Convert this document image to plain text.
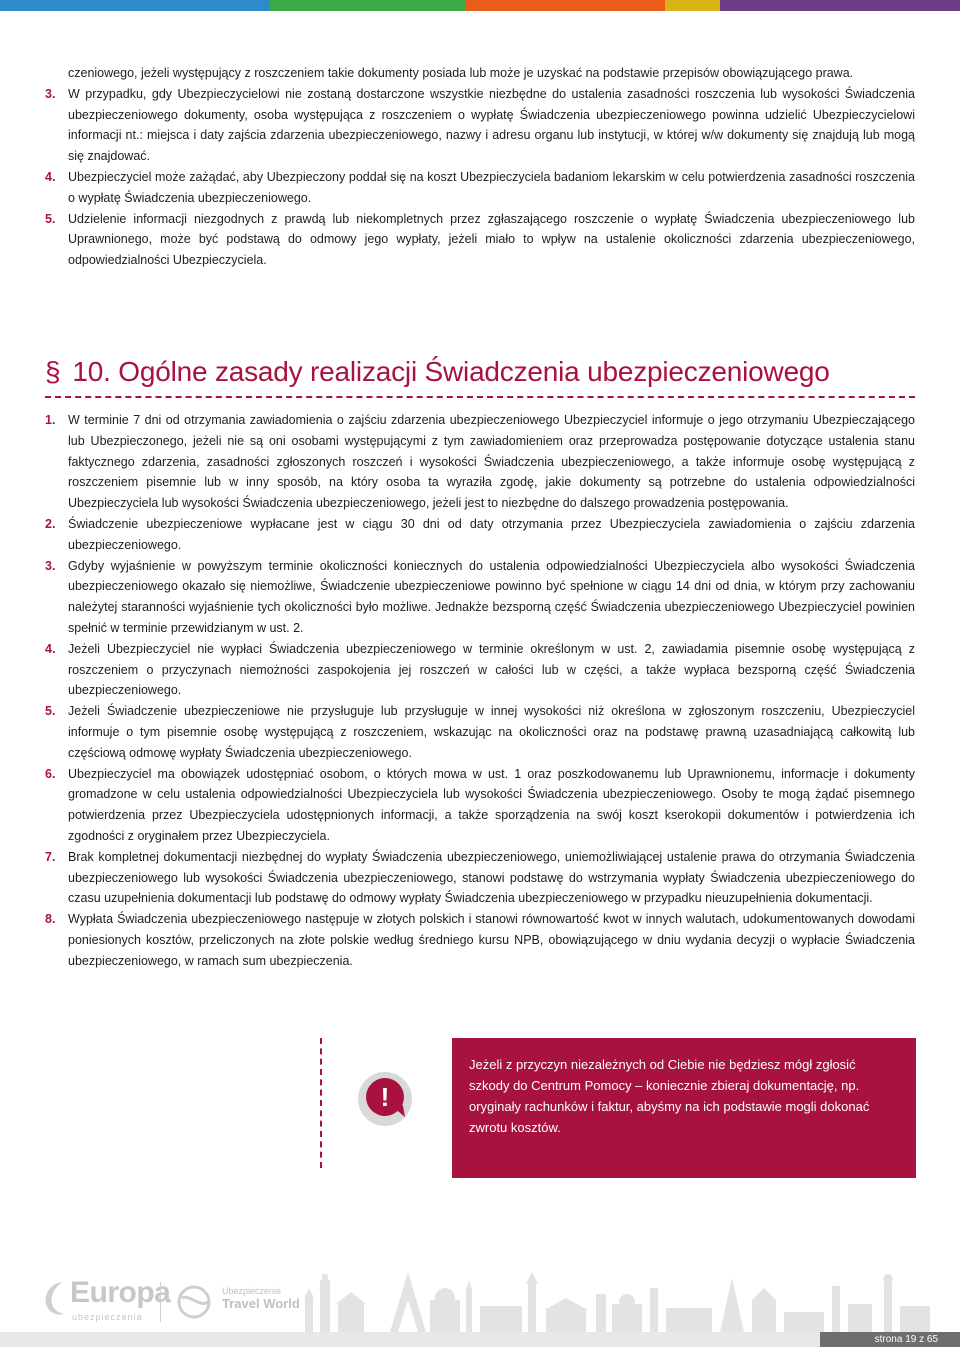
czeniowego, jeżeli występujący z roszczeniem takie dokumenty posiada lub może je uzyskać na podstawie przepisów obowiązującego prawa.
3. W przypadku, gdy Ubezpieczycielowi nie zostaną dostarczone wszystkie niezbędne do ustalenia zasadności roszczenia lub wysokości Świadczenia ubezpieczeniowego dokumenty, osoba występująca z roszczeniem o wypłatę Świadczenia ubezpieczeniowego powinna udzielić Ubezpieczycielowi informacji nt.: miejsca i daty zajścia zdarzenia ubezpieczeniowego, nazwy i adresu organu lub instytucji, w której w/w dokumenty się znajdują lub mogą się znajdować.
4. Ubezpieczyciel może zażądać, aby Ubezpieczony poddał się na koszt Ubezpieczyciela badaniom lekarskim w celu potwierdzenia zasadności roszczenia o wypłatę Świadczenia ubezpieczeniowego.
5. Udzielenie informacji niezgodnych z prawdą lub niekompletnych przez zgłaszającego roszczenie o wypłatę Świadczenia ubezpieczeniowego lub Uprawnionego, może być podstawą do odmowy jego wypłaty, jeżeli miało to wpływ na ustalenie okoliczności zdarzenia ubezpieczeniowego, odpowiedzialności Ubezpieczyciela.
§ 10. Ogólne zasady realizacji Świadczenia ubezpieczeniowego
1. W terminie 7 dni od otrzymania zawiadomienia o zajściu zdarzenia ubezpieczeniowego Ubezpieczyciel informuje o jego otrzymaniu Ubezpieczającego lub Ubezpieczonego, jeżeli nie są oni osobami występującymi z tym zawiadomieniem oraz przeprowadza postępowanie dotyczące ustalenia stanu faktycznego zdarzenia, zasadności zgłoszonych roszczeń i wysokości Świadczenia ubezpieczeniowego, a także informuje osobę występującą z roszczeniem pisemnie lub w inny sposób, na który osoba ta wyraziła zgodę, jakie dokumenty są potrzebne do ustalenia odpowiedzialności Ubezpieczyciela lub wysokości Świadczenia ubezpieczeniowego, jeżeli jest to niezbędne do dalszego prowadzenia postępowania.
2. Świadczenie ubezpieczeniowe wypłacane jest w ciągu 30 dni od daty otrzymania przez Ubezpieczyciela zawiadomienia o zajściu zdarzenia ubezpieczeniowego.
3. Gdyby wyjaśnienie w powyższym terminie okoliczności koniecznych do ustalenia odpowiedzialności Ubezpieczyciela albo wysokości Świadczenia ubezpieczeniowego okazało się niemożliwe, Świadczenie ubezpieczeniowe powinno być spełnione w ciągu 14 dni od dnia, w którym przy zachowaniu należytej staranności wyjaśnienie tych okoliczności było możliwe. Jednakże bezsporną część Świadczenia ubezpieczeniowego Ubezpieczyciel powinien spełnić w terminie przewidzianym w ust. 2.
4. Jeżeli Ubezpieczyciel nie wypłaci Świadczenia ubezpieczeniowego w terminie określonym w ust. 2, zawiadamia pisemnie osobę występującą z roszczeniem o przyczynach niemożności zaspokojenia jej roszczeń w całości lub w części, a także wypłaca bezsporną część Świadczenia ubezpieczeniowego.
5. Jeżeli Świadczenie ubezpieczeniowe nie przysługuje lub przysługuje w innej wysokości niż określona w zgłoszonym roszczeniu, Ubezpieczyciel informuje o tym pisemnie osobę występującą z roszczeniem, wskazując na okoliczności oraz na podstawę prawną uzasadniającą całkowitą lub częściową odmowę wypłaty Świadczenia ubezpieczeniowego.
6. Ubezpieczyciel ma obowiązek udostępniać osobom, o których mowa w ust. 1 oraz poszkodowanemu lub Uprawnionemu, informacje i dokumenty gromadzone w celu ustalenia odpowiedzialności Ubezpieczyciela lub wysokości Świadczenia ubezpieczeniowego. Osoby te mogą żądać pisemnego potwierdzenia przez Ubezpieczyciela udostępnionych informacji, a także sporządzenia na swój koszt kserokopii dokumentów i potwierdzenia ich zgodności z oryginałem przez Ubezpieczyciela.
7. Brak kompletnej dokumentacji niezbędnej do wypłaty Świadczenia ubezpieczeniowego, uniemożliwiającej ustalenie prawa do otrzymania Świadczenia ubezpieczeniowego lub wysokości Świadczenia ubezpieczeniowego, stanowi podstawę do wstrzymania wypłaty Świadczenia ubezpieczeniowego do czasu uzupełnienia dokumentacji lub podstawę do odmowy wypłaty Świadczenia ubezpieczeniowego w przypadku nieuzupełnienia dokumentacji.
8. Wypłata Świadczenia ubezpieczeniowego następuje w złotych polskich i stanowi równowartość kwot w innych walutach, udokumentowanych dowodami poniesionych kosztów, przeliczonych na złote polskie według średniego kursu NPB, obowiązującego w dniu wydania decyzji o wypłacie Świadczenia ubezpieczeniowego, w ramach sum ubezpieczenia.
!
Jeżeli z przyczyn niezależnych od Ciebie nie będziesz mógł zgłosić szkody do Centrum Pomocy – koniecznie zbieraj dokumentację, np. oryginały rachunków i faktur, abyśmy na ich podstawie mogli dokonać zwrotu kosztów.
Europa
ubezpieczenia
Ubezpieczenie
Travel World
strona 19 z 65
